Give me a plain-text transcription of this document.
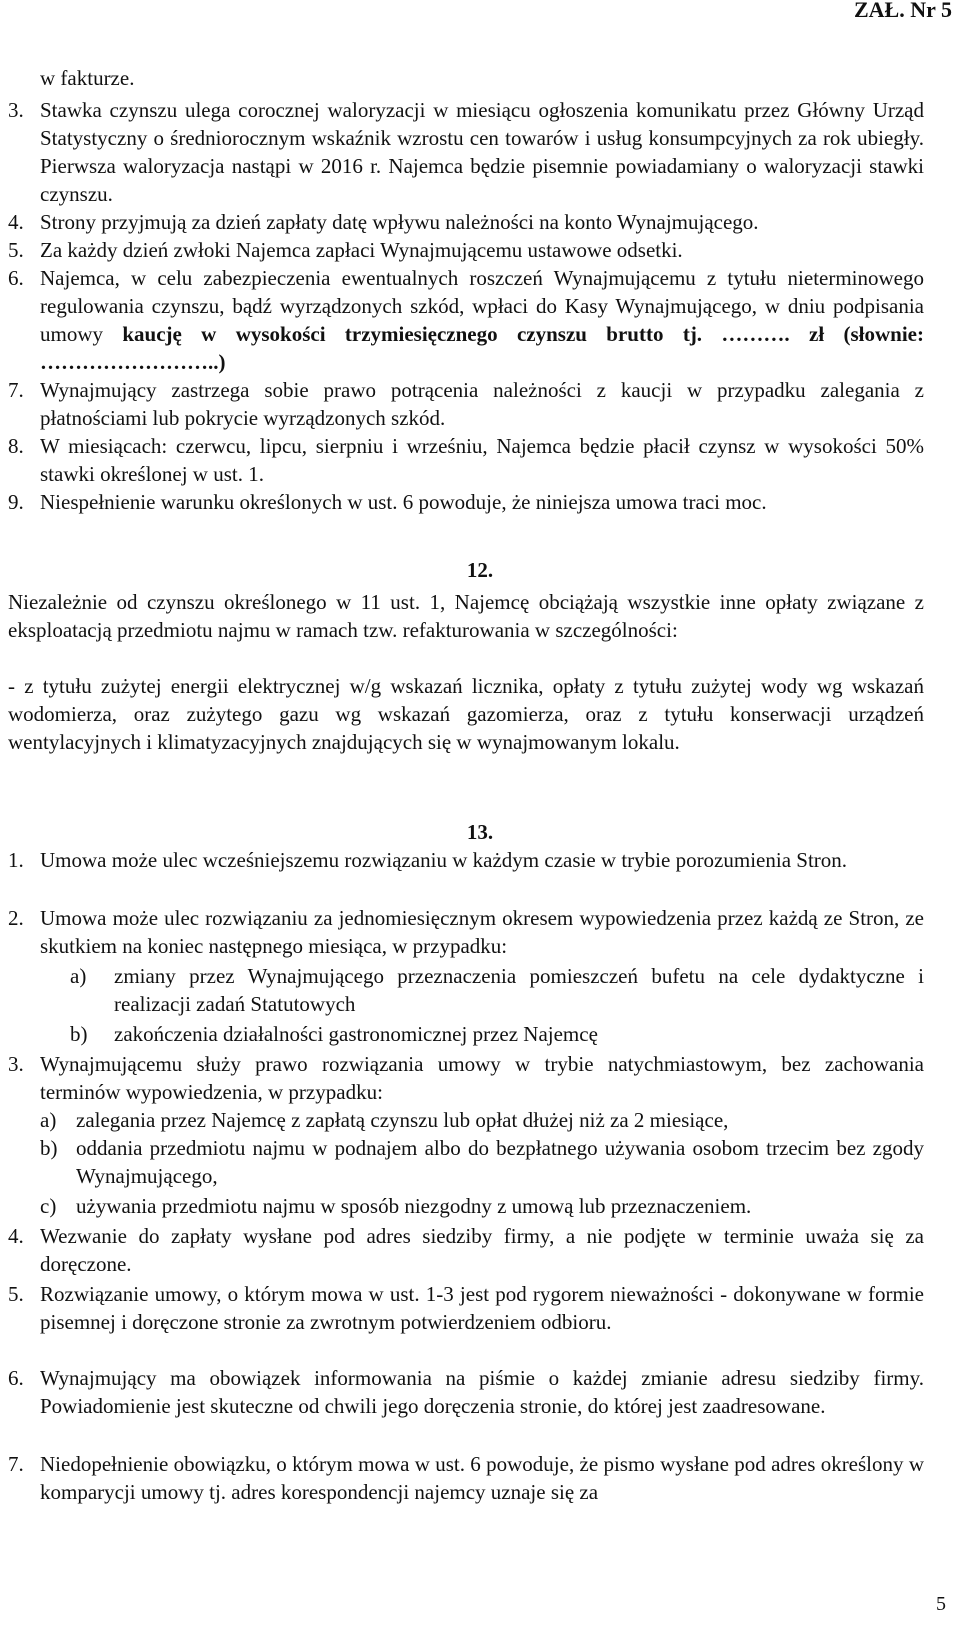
ZAŁ. Nr 5
w fakturze.
3. Stawka czynszu ulega corocznej waloryzacji w miesiącu ogłoszenia komunikatu przez Główny Urząd Statystyczny o średniorocznym wskaźnik wzrostu cen towarów i usług konsumpcyjnych za rok ubiegły. Pierwsza waloryzacja nastąpi w 2016 r. Najemca będzie pisemnie powiadamiany o waloryzacji stawki czynszu.
4. Strony przyjmują za dzień zapłaty datę wpływu należności na konto Wynajmującego.
5. Za każdy dzień zwłoki Najemca zapłaci Wynajmującemu ustawowe odsetki.
6. Najemca, w celu zabezpieczenia ewentualnych roszczeń Wynajmującemu z tytułu nieterminowego regulowania czynszu, bądź wyrządzonych szkód, wpłaci do Kasy Wynajmującego, w dniu podpisania umowy kaucję w wysokości trzymiesięcznego czynszu brutto tj. ………. zł (słownie: ……………………..)
7. Wynajmujący zastrzega sobie prawo potrącenia należności z kaucji w przypadku zalegania z płatnościami lub pokrycie wyrządzonych szkód.
8. W miesiącach: czerwcu, lipcu, sierpniu i wrześniu, Najemca będzie płacił czynsz w wysokości 50% stawki określonej w ust. 1.
9. Niespełnienie warunku określonych w ust. 6 powoduje, że niniejsza umowa traci moc.
12.
Niezależnie od czynszu określonego w 11 ust. 1, Najemcę obciążają wszystkie inne opłaty związane z eksploatacją przedmiotu najmu w ramach tzw. refakturowania w szczególności:
- z tytułu zużytej energii elektrycznej w/g wskazań licznika, opłaty z tytułu zużytej wody wg wskazań wodomierza, oraz zużytego gazu wg wskazań gazomierza, oraz z tytułu konserwacji urządzeń wentylacyjnych i klimatyzacyjnych znajdujących się w wynajmowanym lokalu.
13.
1. Umowa może ulec wcześniejszemu rozwiązaniu w każdym czasie w trybie porozumienia Stron.
2. Umowa może ulec rozwiązaniu za jednomiesięcznym okresem wypowiedzenia przez każdą ze Stron, ze skutkiem na koniec następnego miesiąca, w przypadku:
a) zmiany przez Wynajmującego przeznaczenia pomieszczeń bufetu na cele dydaktyczne i realizacji zadań Statutowych
b) zakończenia działalności gastronomicznej przez Najemcę
3. Wynajmującemu służy prawo rozwiązania umowy w trybie natychmiastowym, bez zachowania terminów wypowiedzenia, w przypadku:
a) zalegania przez Najemcę z zapłatą czynszu lub opłat dłużej niż za 2 miesiące,
b) oddania przedmiotu najmu w podnajem albo do bezpłatnego używania osobom trzecim bez zgody Wynajmującego,
c) używania przedmiotu najmu w sposób niezgodny z umową lub przeznaczeniem.
4. Wezwanie do zapłaty wysłane pod adres siedziby firmy, a nie podjęte w terminie uważa się za doręczone.
5. Rozwiązanie umowy, o którym mowa w ust. 1-3 jest pod rygorem nieważności - dokonywane w formie pisemnej i doręczone stronie za zwrotnym potwierdzeniem odbioru.
6. Wynajmujący ma obowiązek informowania na piśmie o każdej zmianie adresu siedziby firmy. Powiadomienie jest skuteczne od chwili jego doręczenia stronie, do której jest zaadresowane.
7. Niedopełnienie obowiązku, o którym mowa w ust. 6 powoduje, że pismo wysłane pod adres określony w komparycji umowy tj. adres korespondencji najemcy uznaje się za
5
